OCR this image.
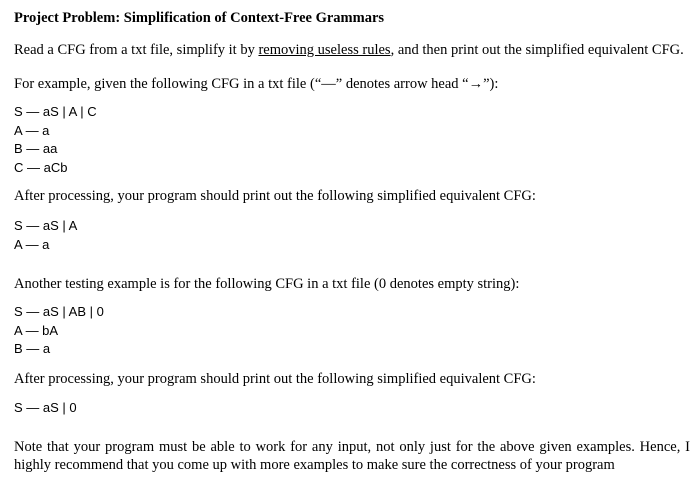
Project Problem: Simplification of Context-Free Grammars
Read a CFG from a txt file, simplify it by removing useless rules, and then print out the simplified equivalent CFG.
For example, given the following CFG in a txt file (“—” denotes arrow head “→”):
S — aS | A | C
A — a
B — aa
C — aCb
After processing, your program should print out the following simplified equivalent CFG:
S — aS | A
A — a
Another testing example is for the following CFG in a txt file (0 denotes empty string):
S — aS | AB | 0
A — bA
B — a
After processing, your program should print out the following simplified equivalent CFG:
S — aS | 0
Note that your program must be able to work for any input, not only just for the above given examples. Hence, I highly recommend that you come up with more examples to make sure the correctness of your program
